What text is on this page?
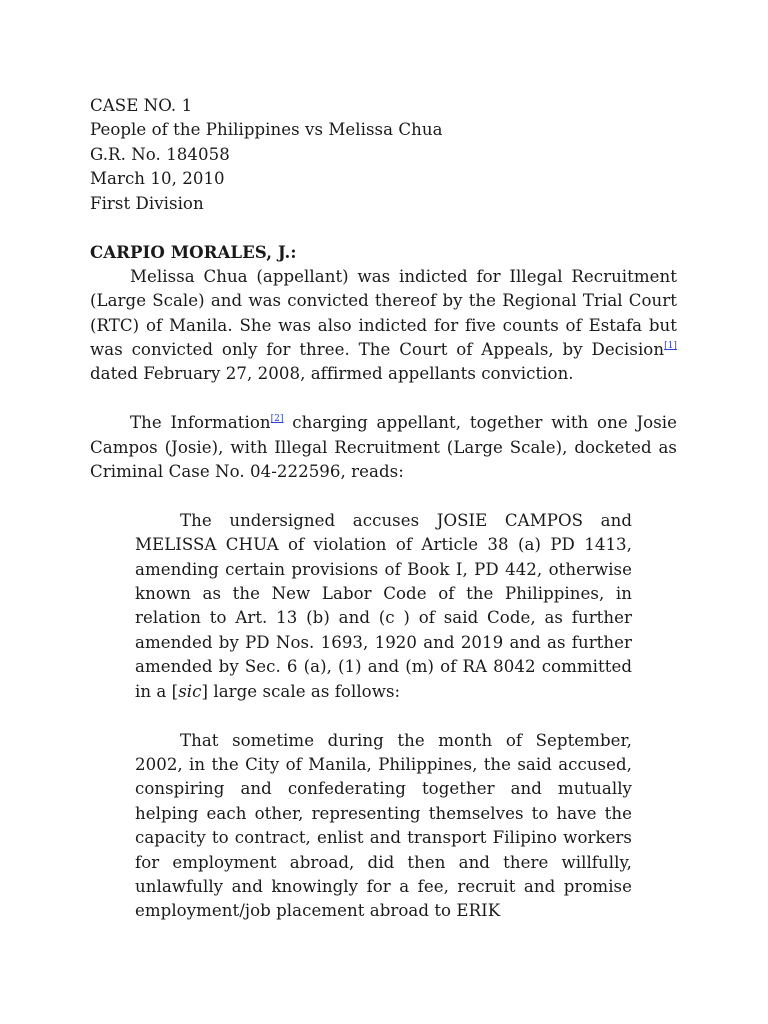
CASE NO. 1
People of the Philippines vs Melissa Chua
G.R. No. 184058
March 10, 2010
First Division
CARPIO MORALES, J.:

Melissa Chua (appellant) was indicted for Illegal Recruitment (Large Scale) and was convicted thereof by the Regional Trial Court (RTC) of Manila. She was also indicted for five counts of Estafa but was convicted only for three. The Court of Appeals, by Decision[1] dated February 27, 2008, affirmed appellants conviction.

The Information[2] charging appellant, together with one Josie Campos (Josie), with Illegal Recruitment (Large Scale), docketed as Criminal Case No. 04-222596, reads:

The undersigned accuses JOSIE CAMPOS and MELISSA CHUA of violation of Article 38 (a) PD 1413, amending certain provisions of Book I, PD 442, otherwise known as the New Labor Code of the Philippines, in relation to Art. 13 (b) and (c ) of said Code, as further amended by PD Nos. 1693, 1920 and 2019 and as further amended by Sec. 6 (a), (1) and (m) of RA 8042 committed in a [sic] large scale as follows:

That sometime during the month of September, 2002, in the City of Manila, Philippines, the said accused, conspiring and confederating together and mutually helping each other, representing themselves to have the capacity to contract, enlist and transport Filipino workers for employment abroad, did then and there willfully, unlawfully and knowingly for a fee, recruit and promise employment/job placement abroad to ERIK
